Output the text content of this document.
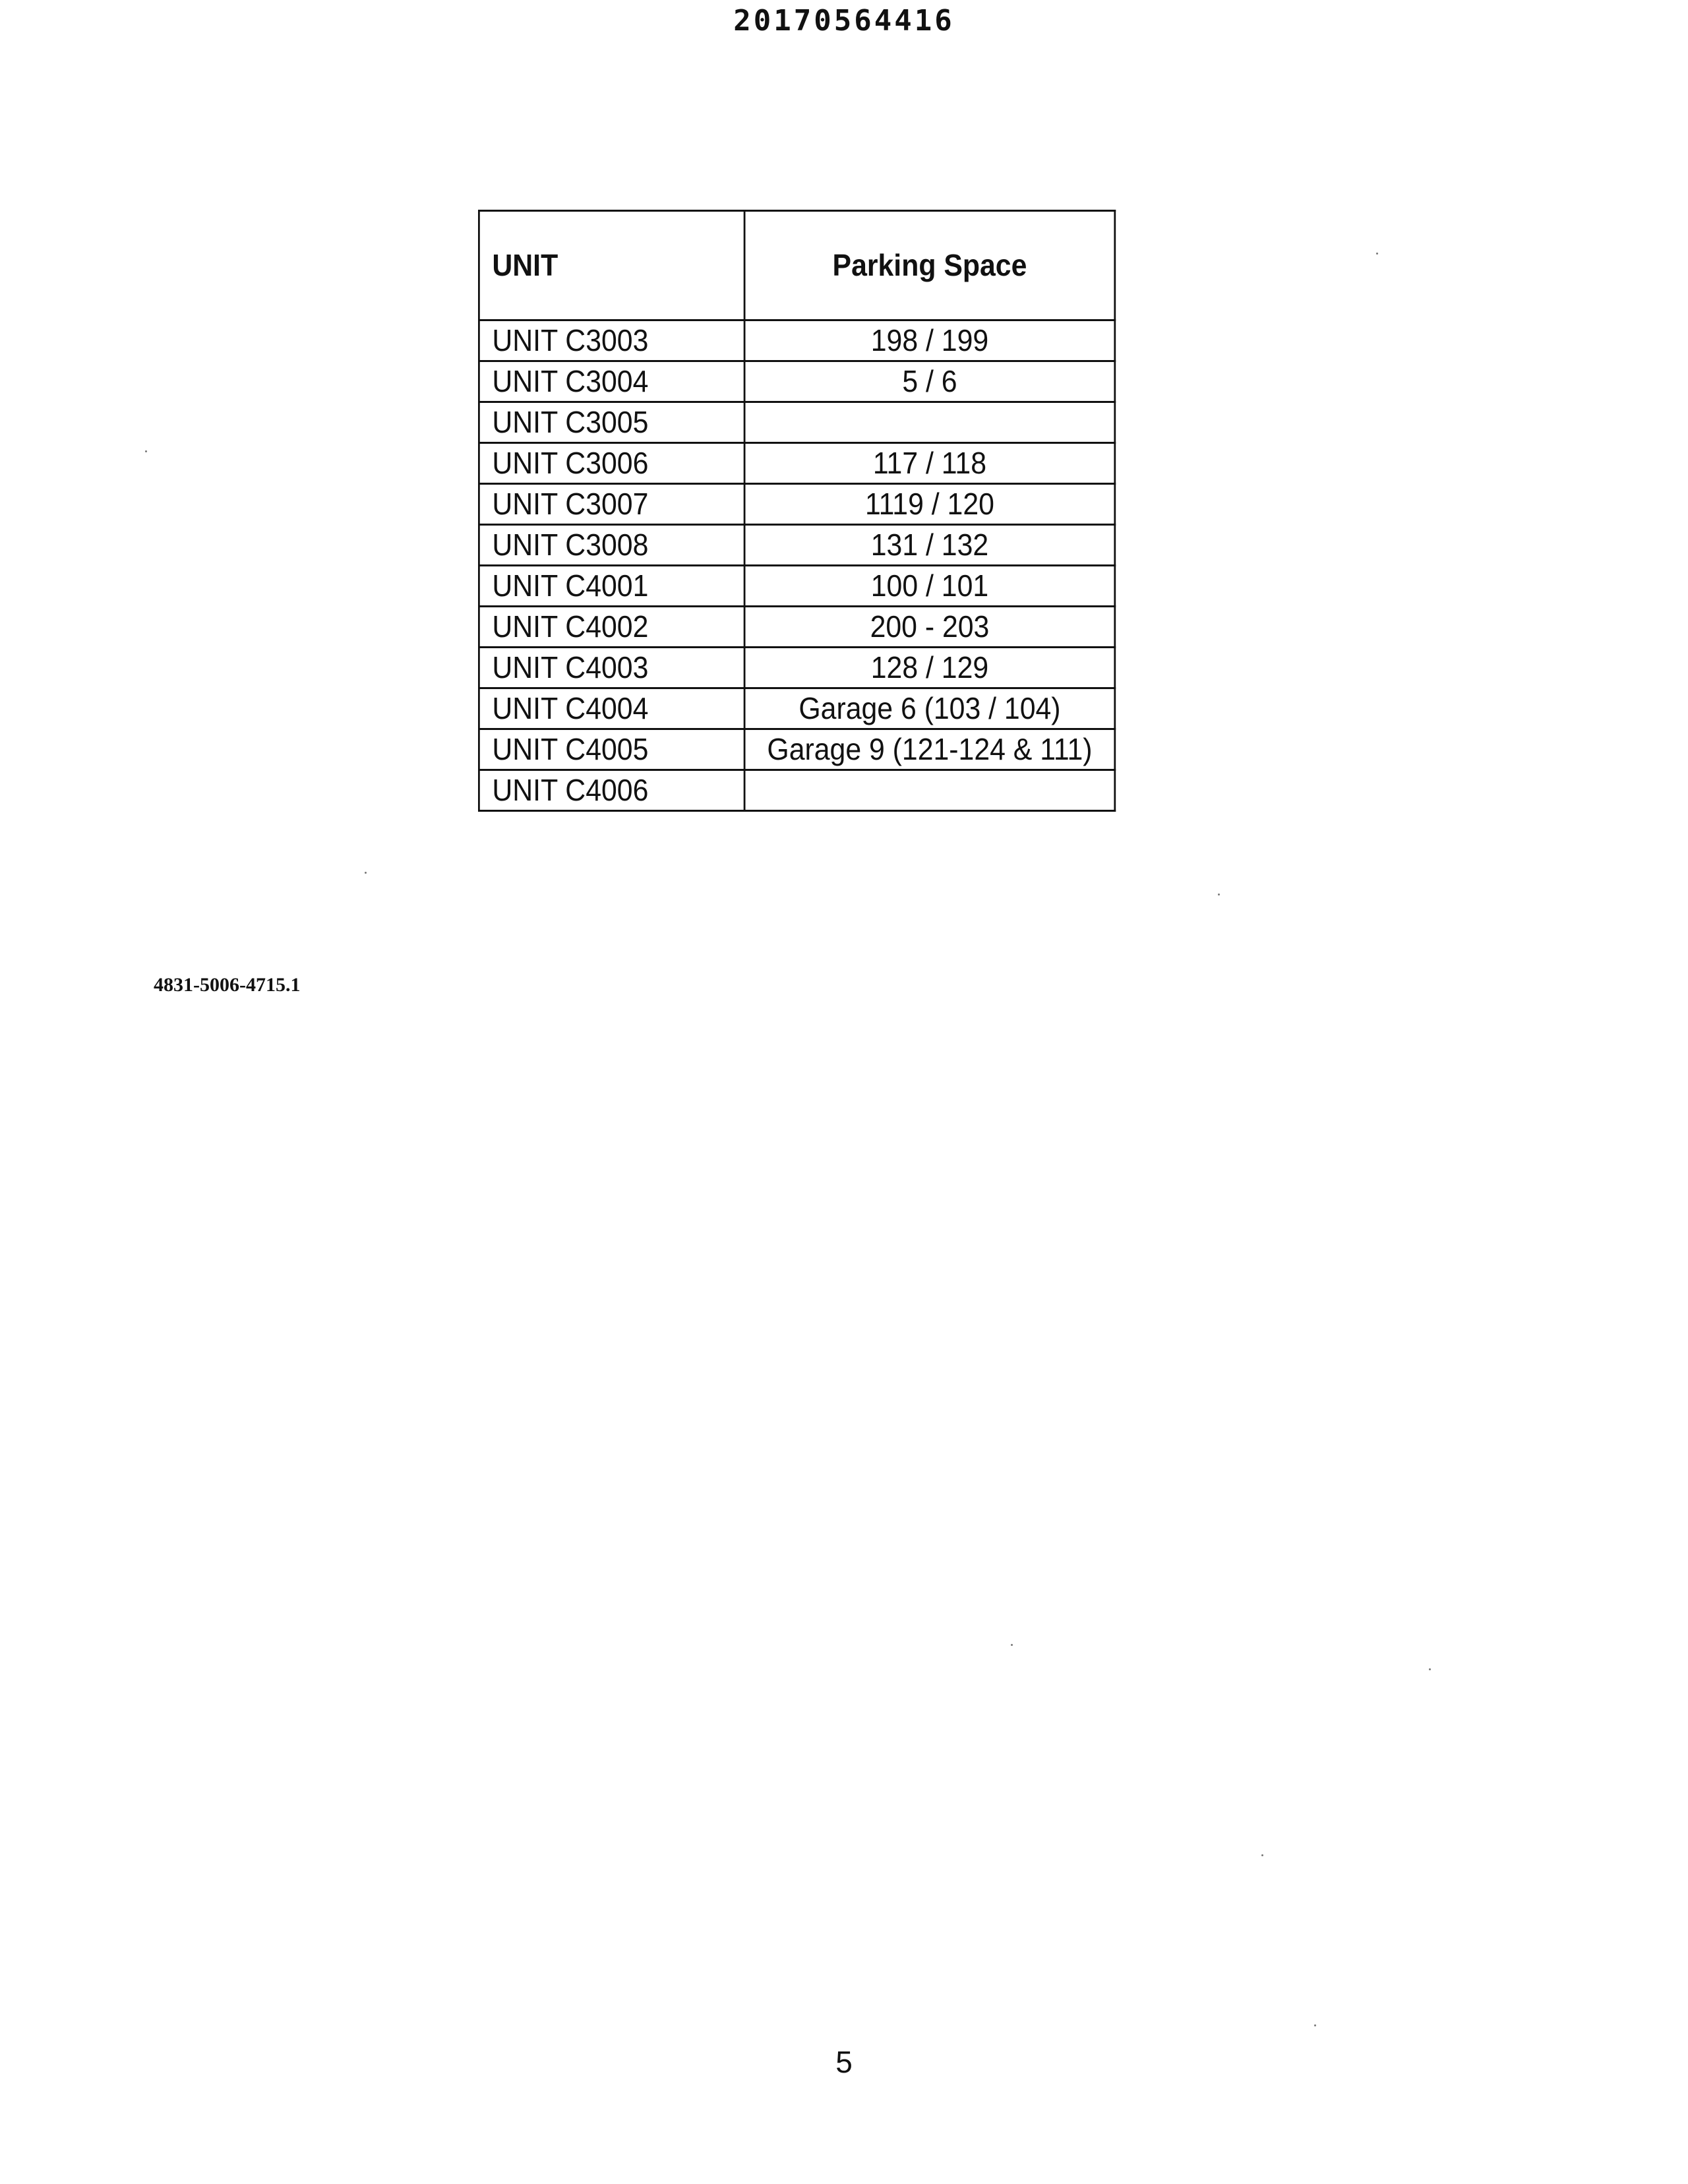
20170564416
UNIT	Parking Space
UNIT C3003	198 / 199
UNIT C3004	5 / 6
UNIT C3005	
UNIT C3006	117 / 118
UNIT C3007	1119 / 120
UNIT C3008	131 / 132
UNIT C4001	100 / 101
UNIT C4002	200 - 203
UNIT C4003	128 / 129
UNIT C4004	Garage 6 (103 / 104)
UNIT C4005	Garage 9 (121-124 & 111)
UNIT C4006	
4831-5006-4715.1
5
